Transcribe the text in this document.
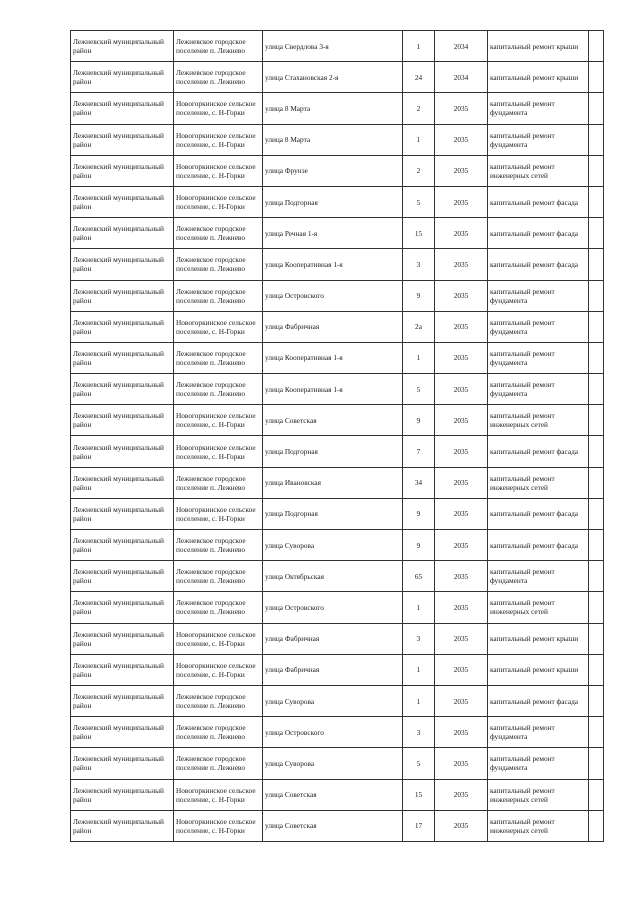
Лежневский муниципальный район	Лежневское городское поселение п. Лежнево	улица Свердлова 3-я	1	2034	капитальный ремонт крыши	
Лежневский муниципальный район	Лежневское городское поселение п. Лежнево	улица Стахановская 2-я	24	2034	капитальный ремонт крыши	
Лежневский муниципальный район	Новогоркинское сельское поселение, с. Н-Горки	улица 8 Марта	2	2035	капитальный ремонт фундамента	
Лежневский муниципальный район	Новогоркинское сельское поселение, с. Н-Горки	улица 8 Марта	1	2035	капитальный ремонт фундамента	
Лежневский муниципальный район	Новогоркинское сельское поселение, с. Н-Горки	улица Фрунзе	2	2035	капитальный ремонт инженерных сетей	
Лежневский муниципальный район	Новогоркинское сельское поселение, с. Н-Горки	улица Подгорная	5	2035	капитальный ремонт фасада	
Лежневский муниципальный район	Лежневское городское поселение п. Лежнево	улица Речная 1-я	15	2035	капитальный ремонт фасада	
Лежневский муниципальный район	Лежневское городское поселение п. Лежнево	улица Кооперативная 1-я	3	2035	капитальный ремонт фасада	
Лежневский муниципальный район	Лежневское городское поселение п. Лежнево	улица Островского	9	2035	капитальный ремонт фундамента	
Лежневский муниципальный район	Новогоркинское сельское поселение, с. Н-Горки	улица Фабричная	2а	2035	капитальный ремонт фундамента	
Лежневский муниципальный район	Лежневское городское поселение п. Лежнево	улица Кооперативная 1-я	1	2035	капитальный ремонт фундамента	
Лежневский муниципальный район	Лежневское городское поселение п. Лежнево	улица Кооперативная 1-я	5	2035	капитальный ремонт фундамента	
Лежневский муниципальный район	Новогоркинское сельское поселение, с. Н-Горки	улица Советская	9	2035	капитальный ремонт инженерных сетей	
Лежневский муниципальный район	Новогоркинское сельское поселение, с. Н-Горки	улица Подгорная	7	2035	капитальный ремонт фасада	
Лежневский муниципальный район	Лежневское городское поселение п. Лежнево	улица Ивановская	34	2035	капитальный ремонт инженерных сетей	
Лежневский муниципальный район	Новогоркинское сельское поселение, с. Н-Горки	улица Подгорная	9	2035	капитальный ремонт фасада	
Лежневский муниципальный район	Лежневское городское поселение п. Лежнево	улица Суворова	9	2035	капитальный ремонт фасада	
Лежневский муниципальный район	Лежневское городское поселение п. Лежнево	улица Октябрьская	65	2035	капитальный ремонт фундамента	
Лежневский муниципальный район	Лежневское городское поселение п. Лежнево	улица Островского	1	2035	капитальный ремонт инженерных сетей	
Лежневский муниципальный район	Новогоркинское сельское поселение, с. Н-Горки	улица Фабричная	3	2035	капитальный ремонт крыши	
Лежневский муниципальный район	Новогоркинское сельское поселение, с. Н-Горки	улица Фабричная	1	2035	капитальный ремонт крыши	
Лежневский муниципальный район	Лежневское городское поселение п. Лежнево	улица Суворова	1	2035	капитальный ремонт фасада	
Лежневский муниципальный район	Лежневское городское поселение п. Лежнево	улица Островского	3	2035	капитальный ремонт фундамента	
Лежневский муниципальный район	Лежневское городское поселение п. Лежнево	улица Суворова	5	2035	капитальный ремонт фундамента	
Лежневский муниципальный район	Новогоркинское сельское поселение, с. Н-Горки	улица Советская	15	2035	капитальный ремонт инженерных сетей	
Лежневский муниципальный район	Новогоркинское сельское поселение, с. Н-Горки	улица Советская	17	2035	капитальный ремонт инженерных сетей	
